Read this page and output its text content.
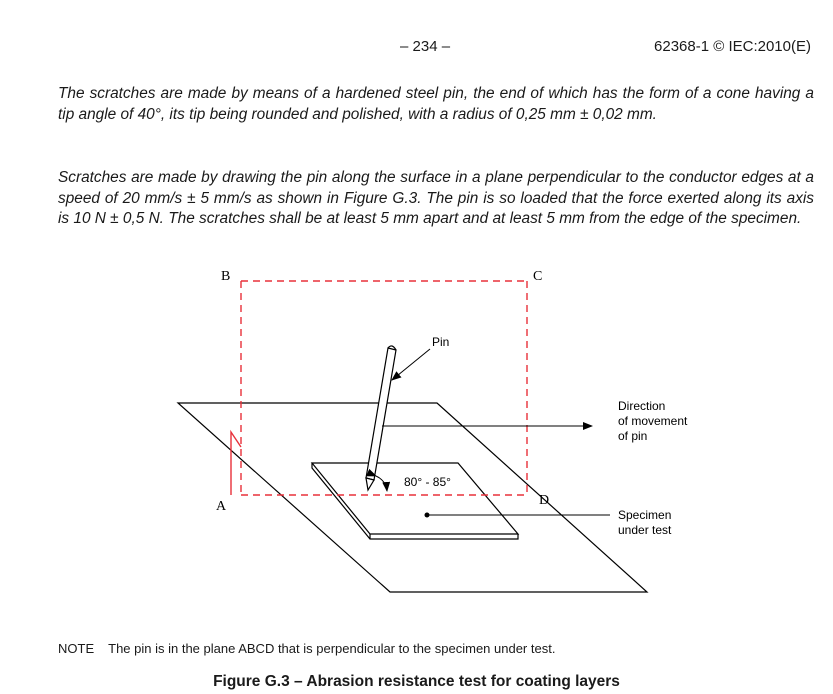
– 234 –	62368-1 © IEC:2010(E)

The scratches are made by means of a hardened steel pin, the end of which has the form of a cone having a tip angle of 40°, its tip being rounded and polished, with a radius of 0,25 mm ± 0,02 mm.

Scratches are made by drawing the pin along the surface in a plane perpendicular to the conductor edges at a speed of 20 mm/s ± 5 mm/s as shown in Figure G.3. The pin is so loaded that the force exerted along its axis is 10 N ± 0,5 N. The scratches shall be at least 5 mm apart and at least 5 mm from the edge of the specimen.

A
B	C
D
Pin
Direction
of movement
of pin
80° - 85°
Specimen
under test
NOTE The pin is in the plane ABCD that is perpendicular to the specimen under test.
Figure G.3 – Abrasion resistance test for coating layers
